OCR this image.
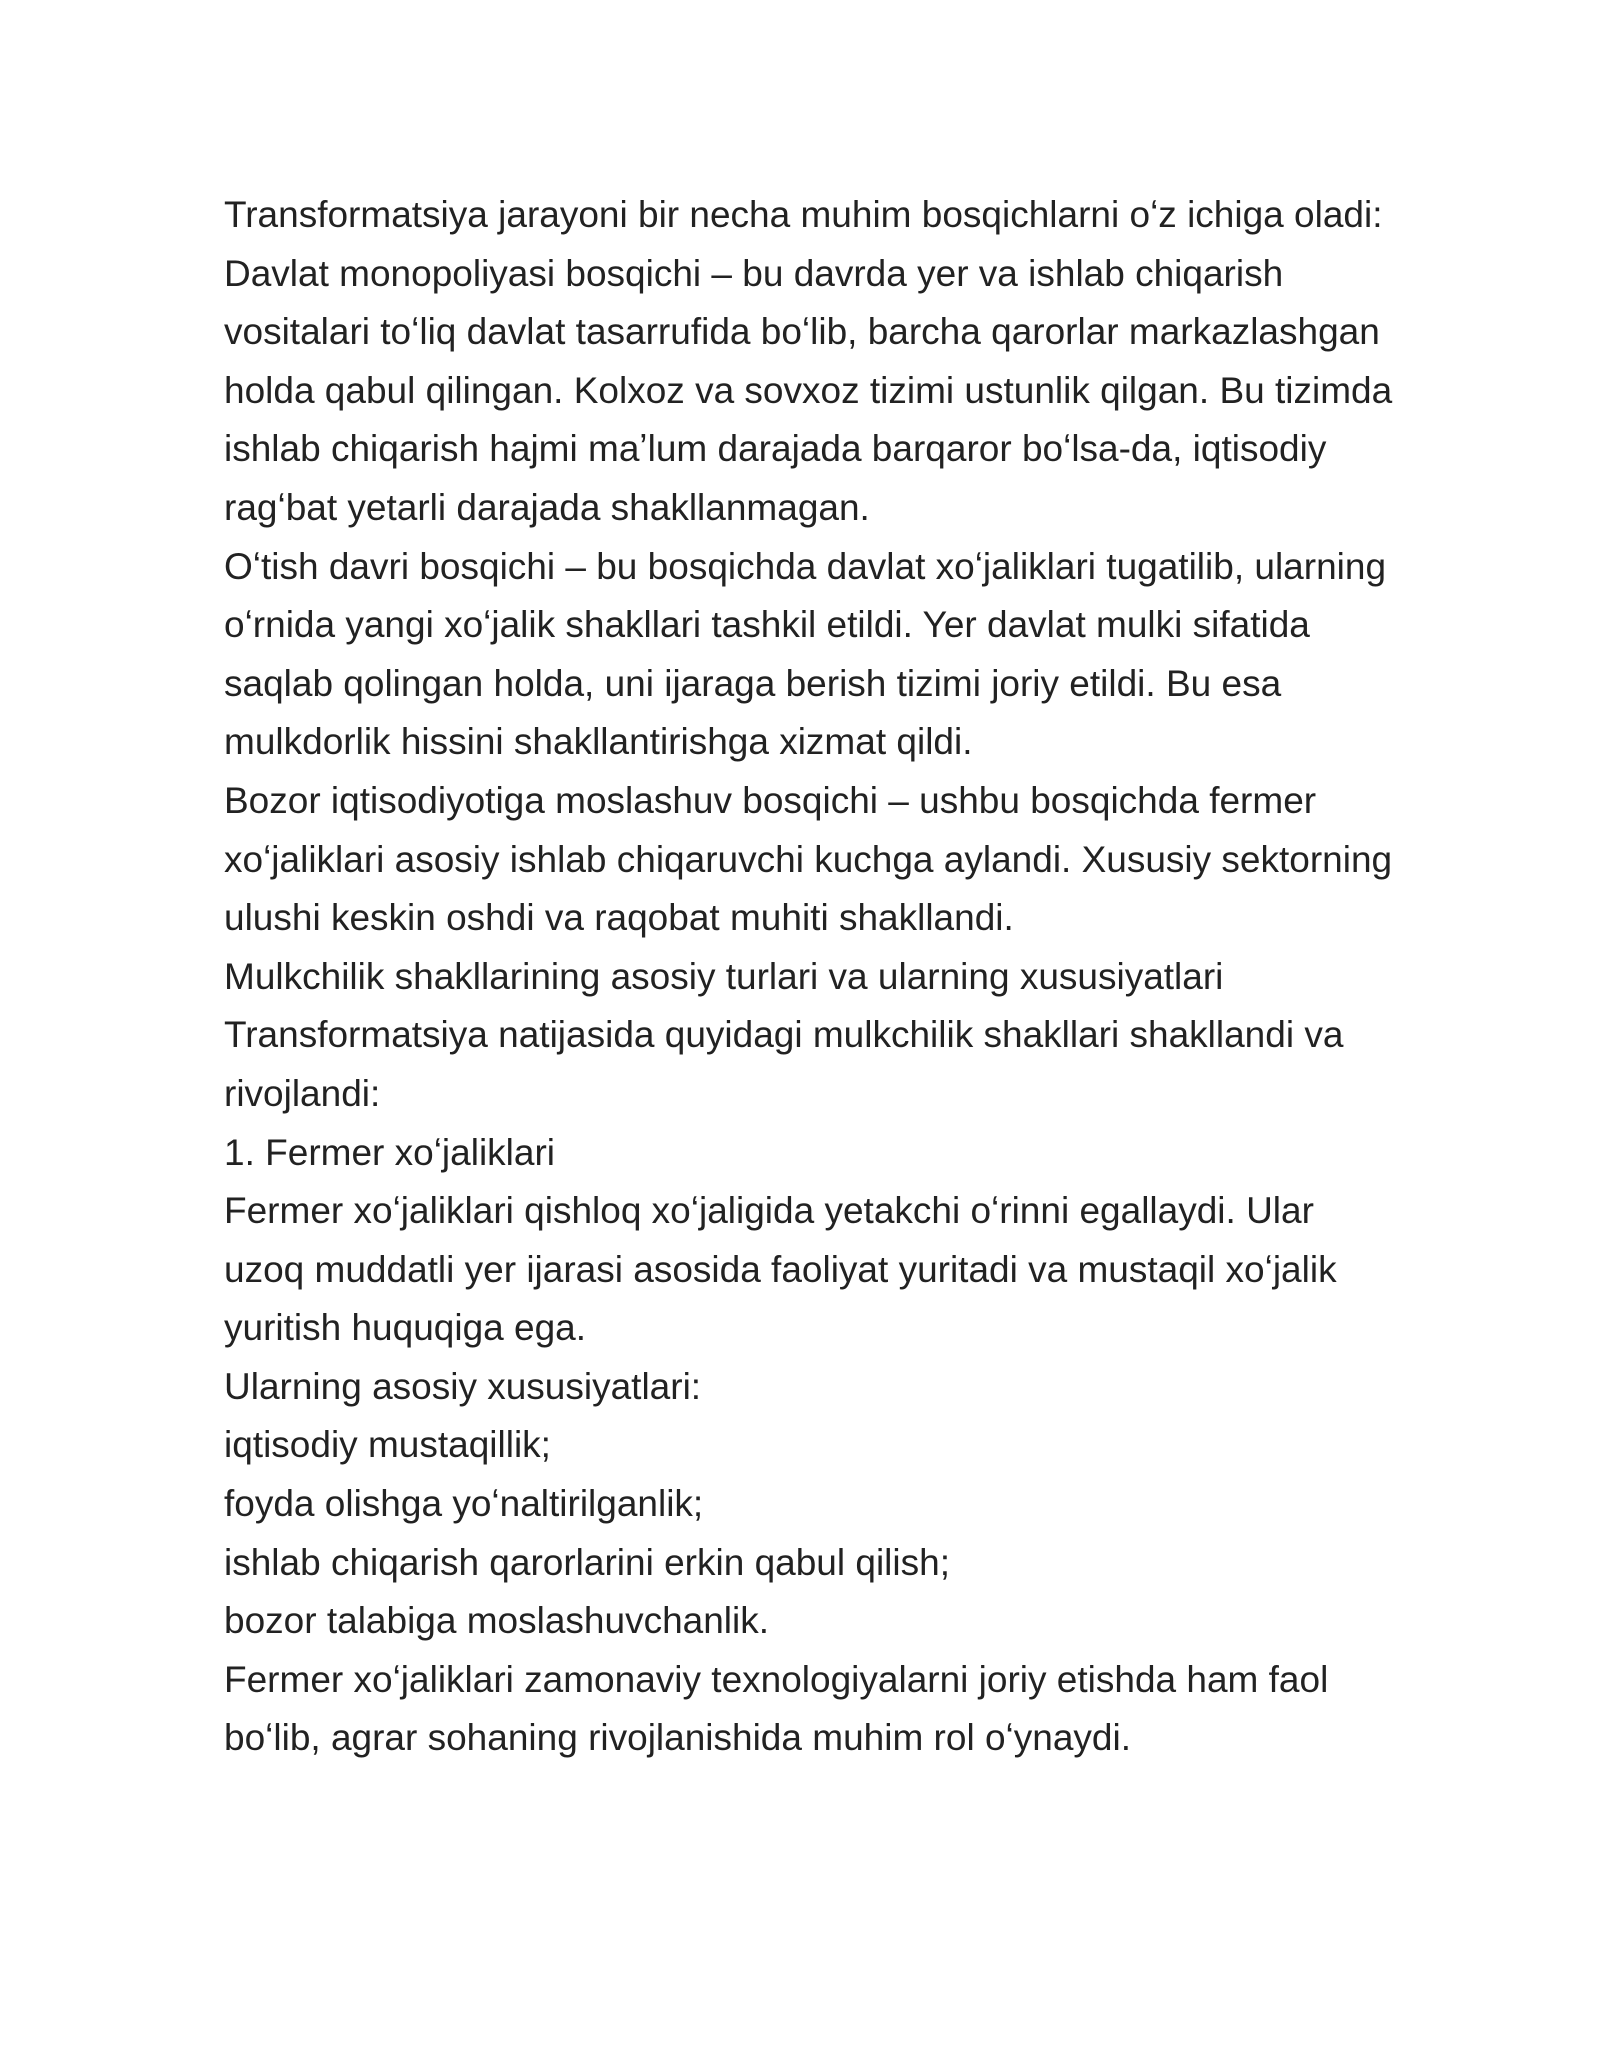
Transformatsiya jarayoni bir necha muhim bosqichlarni oʻz ichiga oladi:

Davlat monopoliyasi bosqichi – bu davrda yer va ishlab chiqarish vositalari toʻliq davlat tasarrufida boʻlib, barcha qarorlar markazlashgan holda qabul qilingan. Kolxoz va sovxoz tizimi ustunlik qilgan. Bu tizimda ishlab chiqarish hajmi maʼlum darajada barqaror boʻlsa-da, iqtisodiy ragʻbat yetarli darajada shakllanmagan.

Oʻtish davri bosqichi – bu bosqichda davlat xoʻjaliklari tugatilib, ularning oʻrnida yangi xoʻjalik shakllari tashkil etildi. Yer davlat mulki sifatida saqlab qolingan holda, uni ijaraga berish tizimi joriy etildi. Bu esa mulkdorlik hissini shakllantirishga xizmat qildi.

Bozor iqtisodiyotiga moslashuv bosqichi – ushbu bosqichda fermer xoʻjaliklari asosiy ishlab chiqaruvchi kuchga aylandi. Xususiy sektorning ulushi keskin oshdi va raqobat muhiti shakllandi.

Mulkchilik shakllarining asosiy turlari va ularning xususiyatlari

Transformatsiya natijasida quyidagi mulkchilik shakllari shakllandi va rivojlandi:

1. Fermer xoʻjaliklari

Fermer xoʻjaliklari qishloq xoʻjaligida yetakchi oʻrinni egallaydi. Ular uzoq muddatli yer ijarasi asosida faoliyat yuritadi va mustaqil xoʻjalik yuritish huquqiga ega.

Ularning asosiy xususiyatlari:

iqtisodiy mustaqillik;

foyda olishga yoʻnaltirilganlik;

ishlab chiqarish qarorlarini erkin qabul qilish;

bozor talabiga moslashuvchanlik.

Fermer xoʻjaliklari zamonaviy texnologiyalarni joriy etishda ham faol boʻlib, agrar sohaning rivojlanishida muhim rol oʻynaydi.
